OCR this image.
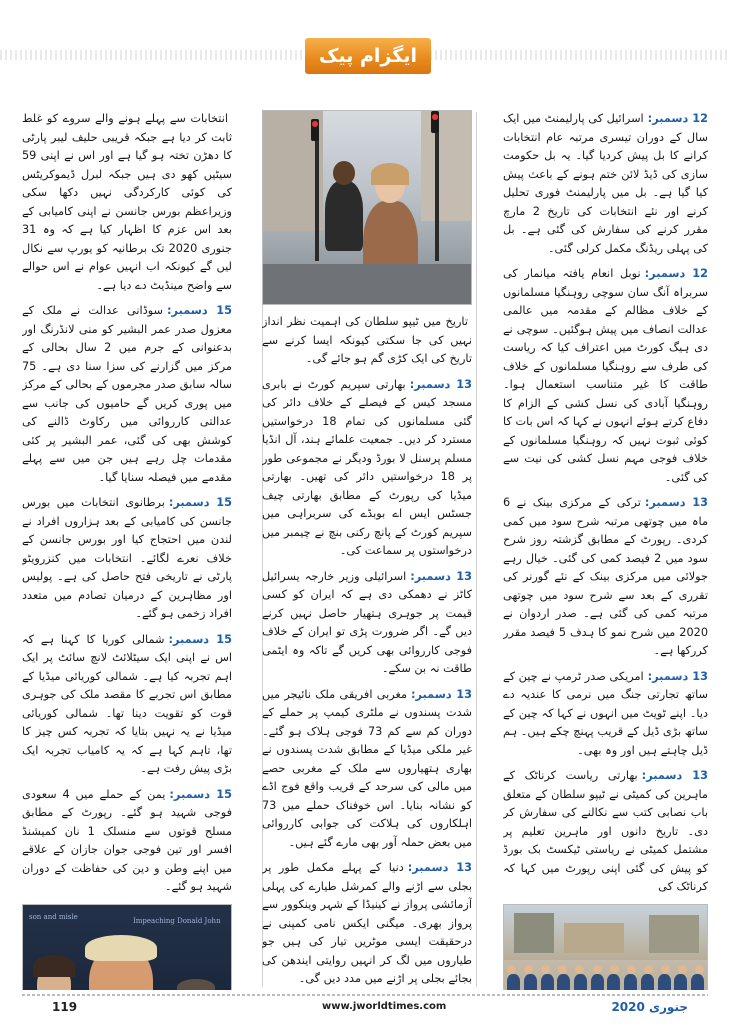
ایگزام پیک

12 دسمبر:اسرائیل کی پارلیمنٹ میں ایک سال کے دوران تیسری مرتبہ عام انتخابات کرانے کا بل پیش کردیا گیا۔ یہ بل حکومت سازی کی ڈیڈ لائن ختم ہونے کے باعث پیش کیا گیا ہے۔ بل میں پارلیمنٹ فوری تحلیل کرنے اور نئے انتخابات کی تاریخ 2 مارچ مقرر کرنے کی سفارش کی گئی ہے۔ بل کی پہلی ریڈنگ مکمل کرلی گئی۔

12 دسمبر:نوبل انعام یافتہ میانمار کی سربراہ آنگ سان سوچی روہنگیا مسلمانوں کے خلاف مظالم کے مقدمہ میں عالمی عدالت انصاف میں پیش ہوگئیں۔ سوچی نے دی ہیگ کورٹ میں اعتراف کیا کہ ریاست کی طرف سے روہنگیا مسلمانوں کے خلاف طاقت کا غیر متناسب استعمال ہوا۔ روہنگیا آبادی کی نسل کشی کے الزام کا دفاع کرتے ہوئے انہوں نے کہا کہ اس بات کا کوئی ثبوت نہیں کہ روہنگیا مسلمانوں کے خلاف فوجی مہم نسل کشی کی نیت سے کی گئی۔

13 دسمبر:ترکی کے مرکزی بینک نے 6 ماہ میں چوتھی مرتبہ شرح سود میں کمی کردی۔ رپورٹ کے مطابق گزشتہ روز شرح سود میں 2 فیصد کمی کی گئی۔ خیال رہے جولائی میں مرکزی بینک کے نئے گورنر کی تقرری کے بعد سے شرح سود میں چوتھی مرتبہ کمی کی گئی ہے۔ صدر اردوان نے 2020 میں شرح نمو کا ہدف 5 فیصد مقرر کررکھا ہے۔

13 دسمبر:امریکی صدر ٹرمپ نے چین کے ساتھ تجارتی جنگ میں نرمی کا عندیہ دے دیا۔ اپنے ٹویٹ میں انہوں نے کہا کہ چین کے ساتھ بڑی ڈیل کے قریب پہنچ چکے ہیں۔ ہم ڈیل چاہتے ہیں اور وہ بھی۔

13 دسمبر:بھارتی ریاست کرناٹک کے ماہرین کی کمیٹی نے ٹیپو سلطان کے متعلق باب نصابی کتب سے نکالنے کی سفارش کر دی۔ تاریخ دانوں اور ماہرین تعلیم پر مشتمل کمیٹی نے ریاستی ٹیکسٹ بک بورڈ کو پیش کی گئی اپنی رپورٹ میں کہا کہ کرناٹک کی

تاریخ میں ٹیپو سلطان کی اہمیت نظر انداز نہیں کی جا سکتی کیونکہ ایسا کرنے سے تاریخ کی ایک کڑی گم ہو جائے گی۔

13 دسمبر:بھارتی سپریم کورٹ نے بابری مسجد کیس کے فیصلے کے خلاف دائر کی گئی مسلمانوں کی تمام 18 درخواستیں مسترد کر دیں۔ جمعیت علمائے ہند، آل انڈیا مسلم پرسنل لا بورڈ ودیگر نے مجموعی طور پر 18 درخواستیں دائر کی تھیں۔ بھارتی میڈیا کی رپورٹ کے مطابق بھارتی چیف جسٹس ایس اے بوبڈے کی سربراہی میں سپریم کورٹ کے پانچ رکنی بنچ نے چیمبر میں درخواستوں پر سماعت کی۔

13 دسمبر:اسرائیلی وزیر خارجہ یسرائیل کاٹز نے دھمکی دی ہے کہ ایران کو کسی قیمت پر جوہری ہتھیار حاصل نہیں کرنے دیں گے۔ اگر ضرورت پڑی تو ایران کے خلاف فوجی کارروائی بھی کریں گے تاکہ وہ ایٹمی طاقت نہ بن سکے۔

13 دسمبر:مغربی افریقی ملک نائیجر میں شدت پسندوں نے ملٹری کیمپ پر حملے کے دوران کم سے کم 73 فوجی ہلاک ہو گئے۔ غیر ملکی میڈیا کے مطابق شدت پسندوں نے بھاری ہتھیاروں سے ملک کے مغربی حصے میں مالی کی سرحد کے قریب واقع فوج اڈے کو نشانہ بنایا۔ اس خوفناک حملے میں 73 اہلکاروں کی ہلاکت کی جوابی کارروائی میں بعض حملہ آور بھی مارے گئے ہیں۔

13 دسمبر:دنیا کے پہلے مکمل طور پر بجلی سے اڑنے والے کمرشل طیارے کی پہلی آزمائشی پرواز نے کینیڈا کے شہر وینکوور سے پرواز بھری۔ میگنی ایکس نامی کمپنی نے درحقیقت ایسی موٹریں تیار کی ہیں جو طیاروں میں لگ کر انہیں روایتی ایندھن کی بجائے بجلی پر اڑنے میں مدد دیں گی۔

انتخابات سے پہلے ہونے والے سروے کو غلط ثابت کر دیا ہے جبکہ قریبی حلیف لیبر پارٹی کا دھڑن تختہ ہو گیا ہے اور اس نے اپنی 59 سیٹیں کھو دی ہیں جبکہ لبرل ڈیموکریٹس کی کوئی کارکردگی نہیں دکھا سکی وزیراعظم بورس جانسن نے اپنی کامیابی کے بعد اس عزم کا اظہار کیا ہے کہ وہ 31 جنوری 2020 تک برطانیہ کو یورپ سے نکال لیں گے کیونکہ اب انہیں عوام نے اس حوالے سے واضح مینڈیٹ دے دیا ہے۔

15 دسمبر:سوڈانی عدالت نے ملک کے معزول صدر عمر البشیر کو منی لانڈرنگ اور بدعنوانی کے جرم میں 2 سال بحالی کے مرکز میں گزارنے کی سزا سنا دی ہے۔ 75 سالہ سابق صدر مجرموں کے بحالی کے مرکز میں پوری کریں گے حامیوں کی جانب سے عدالتی کارروائی میں رکاوٹ ڈالنے کی کوشش بھی کی گئی، عمر البشیر پر کئی مقدمات چل رہے ہیں جن میں سے پہلے مقدمے میں فیصلہ سنایا گیا۔

15 دسمبر:برطانوی انتخابات میں بورس جانسن کی کامیابی کے بعد ہزاروں افراد نے لندن میں احتجاج کیا اور بورس جانسن کے خلاف نعرے لگائے۔ انتخابات میں کنزرویٹو پارٹی نے تاریخی فتح حاصل کی ہے۔ پولیس اور مظاہرین کے درمیان تصادم میں متعدد افراد زخمی ہو گئے۔

15 دسمبر:شمالی کوریا کا کہنا ہے کہ اس نے اپنی ایک سیٹلائٹ لانچ سائٹ پر ایک اہم تجربہ کیا ہے۔ شمالی کوریائی میڈیا کے مطابق اس تجربے کا مقصد ملک کی جوہری قوت کو تقویت دینا تھا۔ شمالی کوریائی میڈیا نے یہ نہیں بتایا کہ تجربہ کس چیز کا تھا، تاہم کہا ہے کہ یہ کامیاب تجربہ ایک بڑی پیش رفت ہے۔

15 دسمبر:یمن کے حملے میں 4 سعودی فوجی شہید ہو گئے۔ رپورٹ کے مطابق مسلح قوتوں سے منسلک 1 نان کمیشنڈ افسر اور تین فوجی جوان جازان کے علاقے میں اپنے وطن و دین کی حفاظت کے دوران شہید ہو گئے۔

son and misle	Impeaching Donald John
119	www.jworldtimes.com	جنوری 2020
